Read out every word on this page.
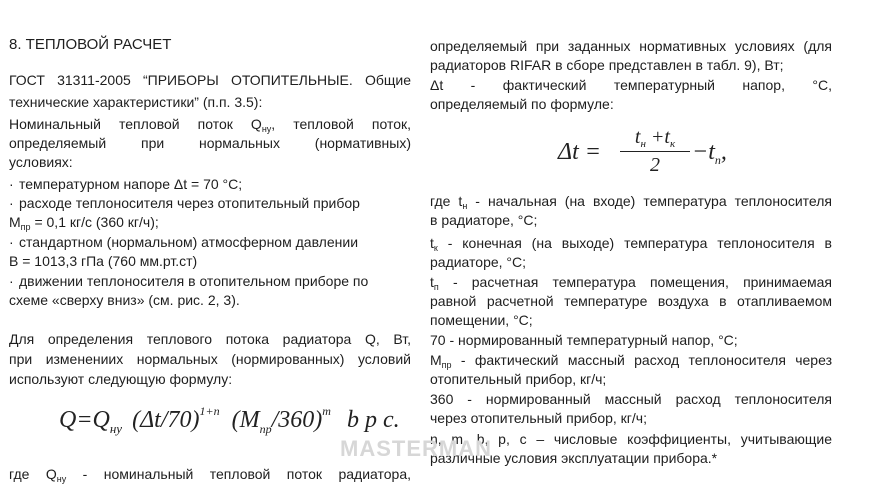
8. ТЕПЛОВОЙ РАСЧЕТ
ГОСТ 31311-2005 “ПРИБОРЫ ОТОПИТЕЛЬНЫЕ. Общие
технические характеристики” (п.п. 3.5):
Номинальный тепловой поток $Q_{ну}$, тепловой поток,
определяемый при нормальных (нормативных)
условиях:
· температурном напоре Δt = 70 °С;
· расходе теплоносителя через отопительный прибор
$М_{пр} = 0,1$ кг/с (360 кг/ч);
· стандартном (нормальном) атмосферном давлении
В = 1013,3 гПа (760 мм.рт.ст)
· движении теплоносителя в отопительном приборе по
схеме «сверху вниз» (см. рис. 2, 3).
Для определения теплового потока радиатора Q, Вт,
при изменениих нормальных (нормированных) условий
используют следующую формулу:
$Q=Q_{ну}$ $(\Delta t/70)^{1+n}$ $(M_{пр}/360)^m$ b p c.
где $Q_{ну}$ - номинальный тепловой поток радиатора,
определяемый при заданных нормативных условиях (для
радиаторов RIFAR в сборе представлен в табл. 9), Вт;
Δt - фактический температурный напор, °С,
определяемый по формуле:
Δt =
$t_н +t_к$
2	$-t_п$,
где $t_н$ - начальная (на входе) температура теплоносителя
в радиаторе, °С;
$t_к$ - конечная (на выходе) температура теплоносителя в
радиаторе, °С;
$t_п$ - расчетная температура помещения, принимаемая
равной расчетной температуре воздуха в отапливаемом
помещении, °С;
70 - нормированный температурный напор, °С;
$М_{пр}$ - фактический массный расход теплоносителя через
отопительный прибор, кг/ч;
360 - нормированный массный расход теплоносителя
через отопительный прибор, кг/ч;
n, m, b, p, c – числовые коэффициенты, учитывающие
различные условия эксплуатации прибора.*
MASTERMAN
